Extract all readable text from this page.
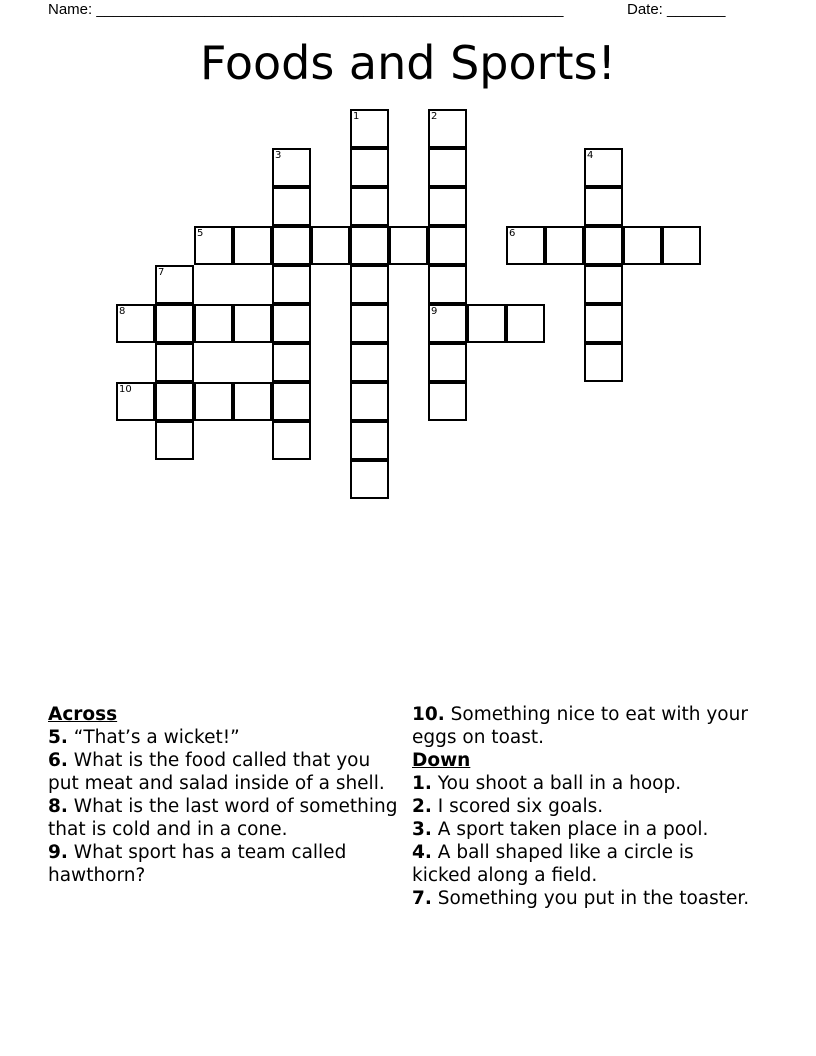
Name: ________________________________________________________	Date: _______
Foods and Sports!
1	2
3	4
5	6
7
8	9
10

Across

5. “That’s a wicket!”

6. What is the food called that you put meat and salad inside of a shell.

8. What is the last word of something that is cold and in a cone.

9. What sport has a team called hawthorn?

10. Something nice to eat with your eggs on toast.

Down

1. You shoot a ball in a hoop.

2. I scored six goals.

3. A sport taken place in a pool.

4. A ball shaped like a circle is kicked along a field.

7. Something you put in the toaster.
